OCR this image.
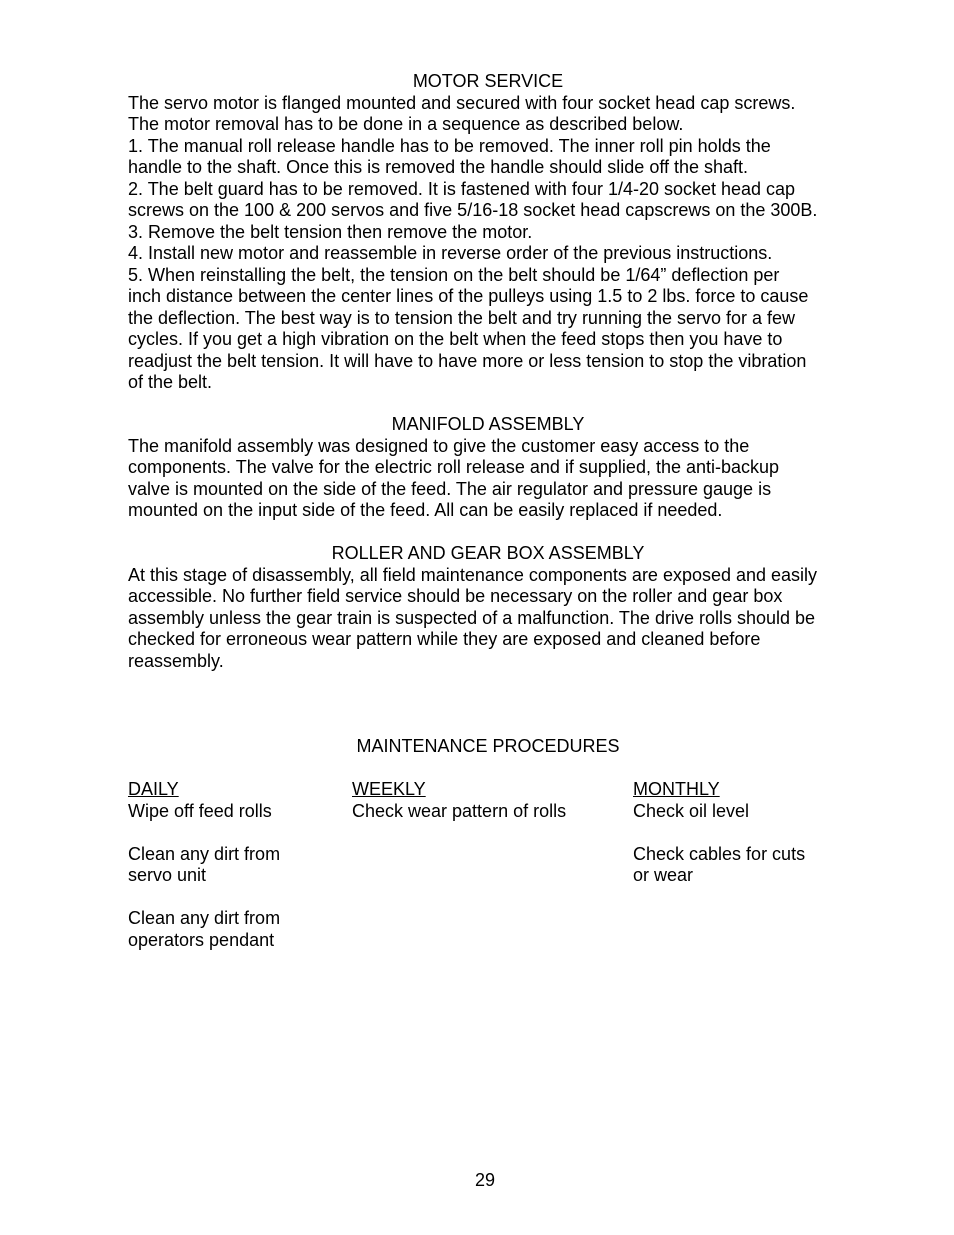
MOTOR SERVICE
The servo motor is flanged mounted and secured with four socket head cap screws.
The motor removal has to be done in a sequence as described below.
1. The manual roll release handle has to be removed. The inner roll pin holds the
handle to the shaft. Once this is removed the handle should slide off the shaft.
2. The belt guard has to be removed. It is fastened with four 1/4-20 socket head cap
screws on the 100 & 200 servos and five 5/16-18 socket head capscrews on the 300B.
3. Remove the belt tension then remove the motor.
4. Install new motor and reassemble in reverse order of the previous instructions.
5. When reinstalling the belt, the tension on the belt should be 1/64” deflection per
inch distance between the center lines of the pulleys using 1.5 to 2 lbs. force to cause
the deflection. The best way is to tension the belt and try running the servo for a few
cycles. If you get a high vibration on the belt when the feed stops then you have to
readjust the belt tension. It will have to have more or less tension to stop the vibration
of the belt.
MANIFOLD ASSEMBLY
The manifold assembly was designed to give the customer easy access to the
components. The valve for the electric roll release and if supplied, the anti-backup
valve is mounted on the side of the feed. The air regulator and pressure gauge is
mounted on the input side of the feed. All can be easily replaced if needed.
ROLLER AND GEAR BOX ASSEMBLY
At this stage of disassembly, all field maintenance components are exposed and easily
accessible. No further field service should be necessary on the roller and gear box
assembly unless the gear train is suspected of a malfunction. The drive rolls should be
checked for erroneous wear pattern while they are exposed and cleaned before
reassembly.
MAINTENANCE PROCEDURES
DAILY
Wipe off feed rolls
Clean any dirt from
servo unit
Clean any dirt from
operators pendant
WEEKLY
Check wear pattern of rolls
MONTHLY
Check oil level
Check cables for cuts
or wear
29
